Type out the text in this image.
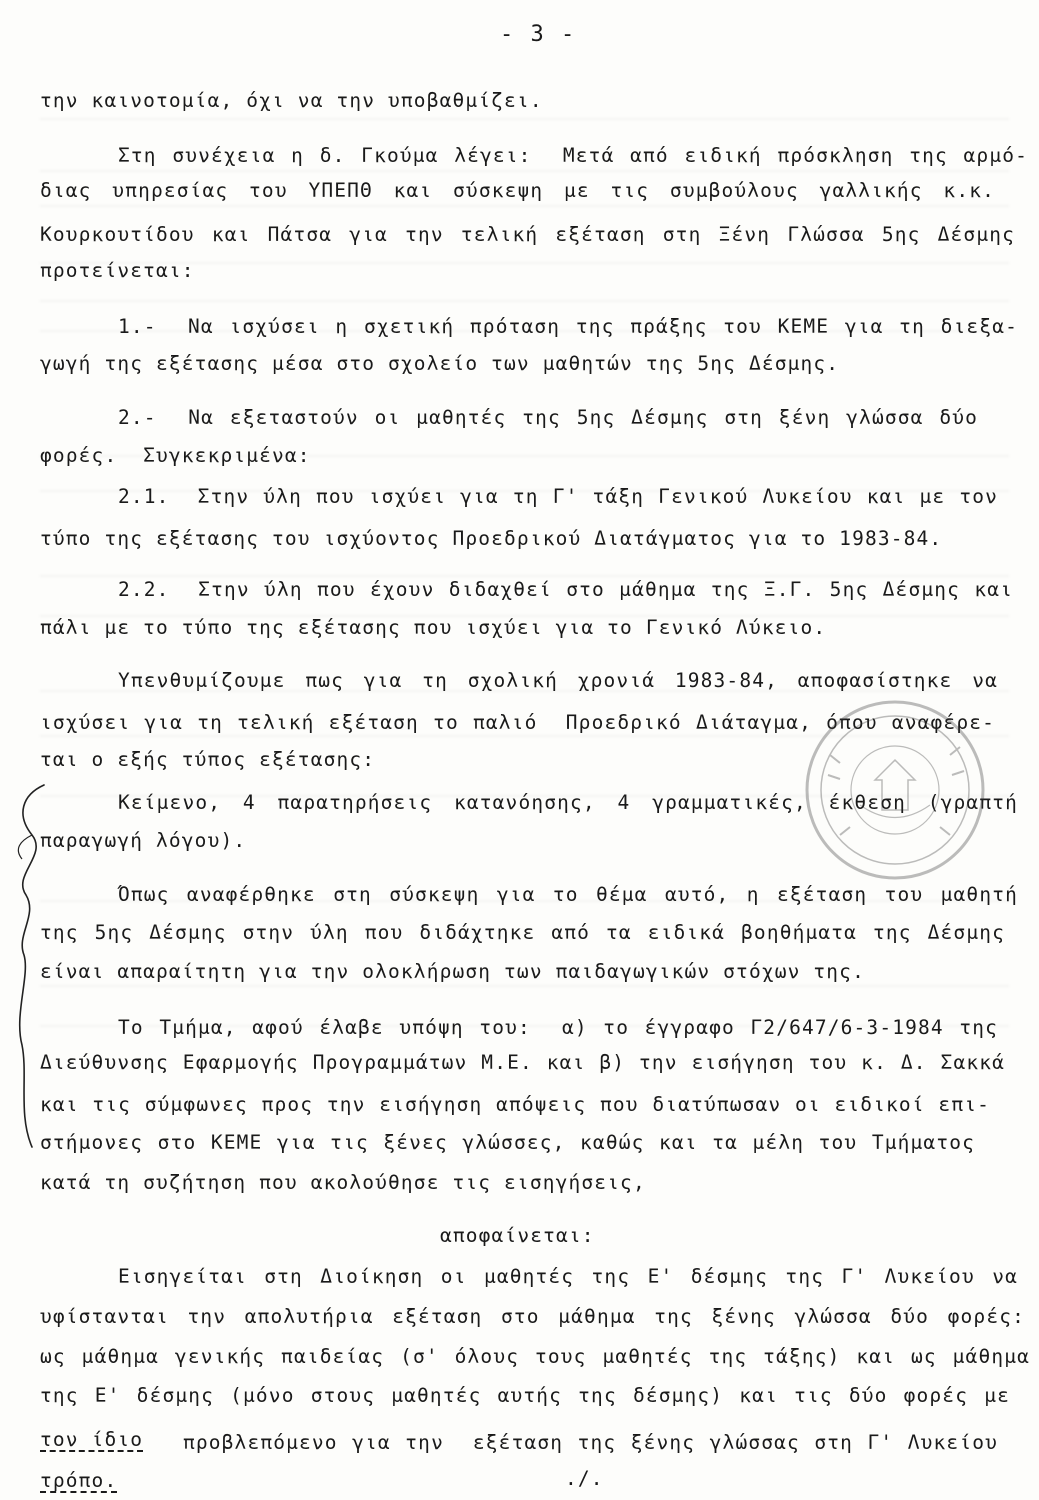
- 3 -
την καινοτομία, όχι να την υποβαθμίζει.
Στη συνέχεια η δ. Γκούμα λέγει:  Μετά από ειδική πρόσκληση της αρμό-
διας υπηρεσίας του ΥΠΕΠΘ και σύσκεψη με τις συμβούλους γαλλικής κ.κ.
Κουρκουτίδου και Πάτσα για την τελική εξέταση στη Ξένη Γλώσσα 5ης Δέσμης
προτείνεται:
1.-  Να ισχύσει η σχετική πρόταση της πράξης του ΚΕΜΕ για τη διεξα-
γωγή της εξέτασης μέσα στο σχολείο των μαθητών της 5ης Δέσμης.
2.-  Να εξεταστούν οι μαθητές της 5ης Δέσμης στη ξένη γλώσσα δύο
φορές.  Συγκεκριμένα:
2.1.  Στην ύλη που ισχύει για τη Γ' τάξη Γενικού Λυκείου και με τον
τύπο της εξέτασης του ισχύοντος Προεδρικού Διατάγματος για το 1983-84.
2.2.  Στην ύλη που έχουν διδαχθεί στο μάθημα της Ξ.Γ. 5ης Δέσμης και
πάλι με το τύπο της εξέτασης που ισχύει για το Γενικό Λύκειο.
Υπενθυμίζουμε πως για τη σχολική χρονιά 1983-84, αποφασίστηκε να
ισχύσει για τη τελική εξέταση το παλιό  Προεδρικό Διάταγμα, όπου αναφέρε-
ται ο εξής τύπος εξέτασης:
Κείμενο, 4 παρατηρήσεις κατανόησης, 4 γραμματικές, έκθεση (γραπτή
παραγωγή λόγου).
Όπως αναφέρθηκε στη σύσκεψη για το θέμα αυτό, η εξέταση του μαθητή
της 5ης Δέσμης στην ύλη που διδάχτηκε από τα ειδικά βοηθήματα της Δέσμης
είναι απαραίτητη για την ολοκλήρωση των παιδαγωγικών στόχων της.
Το Τμήμα, αφού έλαβε υπόψη του:  α) το έγγραφο Γ2/647/6-3-1984 της
Διεύθυνσης Εφαρμογής Προγραμμάτων Μ.Ε. και β) την εισήγηση του κ. Δ. Σακκά
και τις σύμφωνες προς την εισήγηση απόψεις που διατύπωσαν οι ειδικοί επι-
στήμονες στο ΚΕΜΕ για τις ξένες γλώσσες, καθώς και τα μέλη του Τμήματος
κατά τη συζήτηση που ακολούθησε τις εισηγήσεις,
αποφαίνεται:
Εισηγείται στη Διοίκηση οι μαθητές της Ε' δέσμης της Γ' Λυκείου να
υφίστανται την απολυτήρια εξέταση στο μάθημα της ξένης γλώσσα δύο φορές:
ως μάθημα γενικής παιδείας (σ' όλους τους μαθητές της τάξης) και ως μάθημα
της Ε' δέσμης (μόνο στους μαθητές αυτής της δέσμης) και τις δύο φορές με
τον ίδιο προβλεπόμενο για την  εξέταση της ξένης γλώσσας στη Γ' Λυκείου
τρόπο.	./.
